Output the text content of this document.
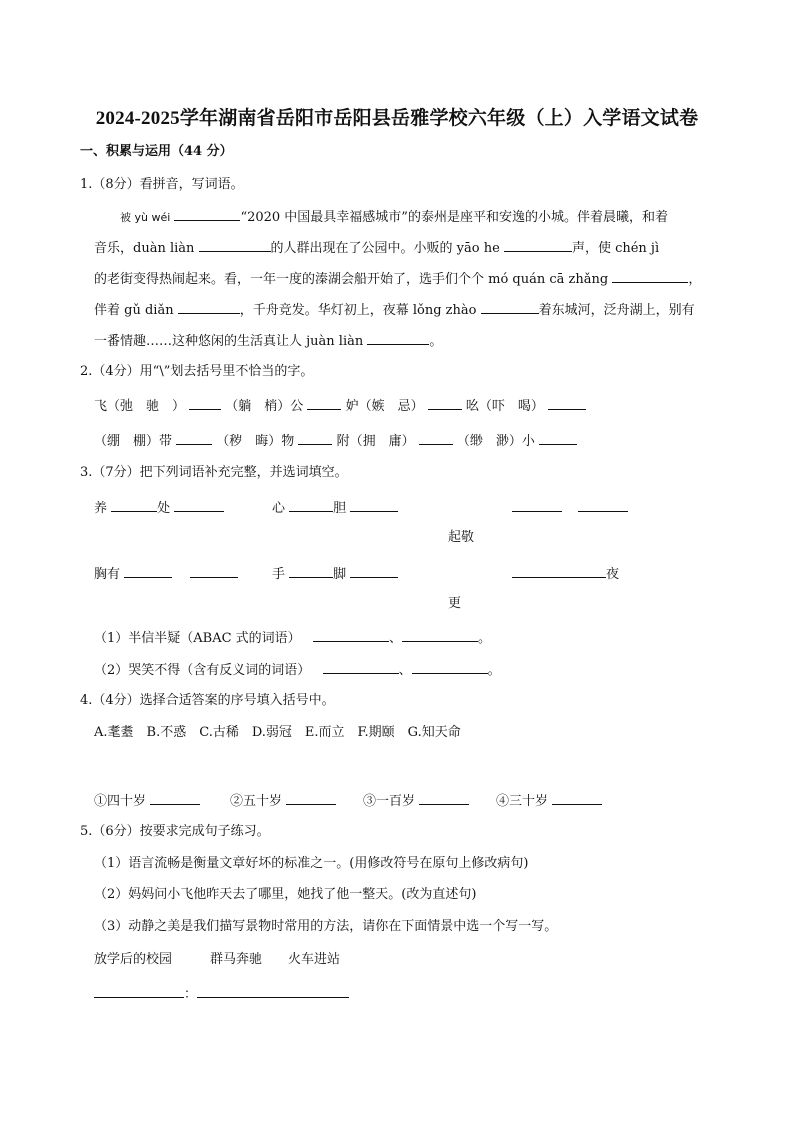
2024-2025学年湖南省岳阳市岳阳县岳雅学校六年级（上）入学语文试卷
一、积累与运用（44 分）
1.（8分）看拼音，写词语。
被 yù wéi	“2020 中国最具幸福感城市”的泰州是座平和安逸的小城。伴着晨曦，和着
音乐，duàn liàn	的人群出现在了公园中。小贩的 yāo he	声，使 chén jì
的老街变得热闹起来。看，一年一度的溱湖会船开始了，选手们个个 mó quán cā zhǎng	，
伴着 gǔ diǎn	，千舟竞发。华灯初上，夜幕 lǒng zhào	着东城河，泛舟湖上，别有
一番情趣……这种悠闲的生活真让人 juàn liàn	。
2.（4分）用“\”划去括号里不恰当的字。
飞（弛　驰　）	（躺　梢）公	妒（嫉　忌）	吆（吓　喝）
（绷　棚）带	（秽　晦）物	附（拥　庸）	（缈　渺）小
3.（7分）把下列词语补充完整，并选词填空。
养	处	心	胆

起敬
胸有	手	脚	夜
更
（1）半信半疑（ABAC 式的词语）	、	。
（2）哭笑不得（含有反义词的词语）	、	。
4.（4分）选择合适答案的序号填入括号中。
A.耄耋　B.不惑　C.古稀　D.弱冠　E.而立　F.期颐　G.知天命
①四十岁	②五十岁	③一百岁	④三十岁
5.（6分）按要求完成句子练习。
（1）语言流畅是衡量文章好坏的标准之一。(用修改符号在原句上修改病句)
（2）妈妈问小飞他昨天去了哪里，她找了他一整天。(改为直述句)
（3）动静之美是我们描写景物时常用的方法，请你在下面情景中选一个写一写。
放学后的校园	群马奔驰 火车进站
：
